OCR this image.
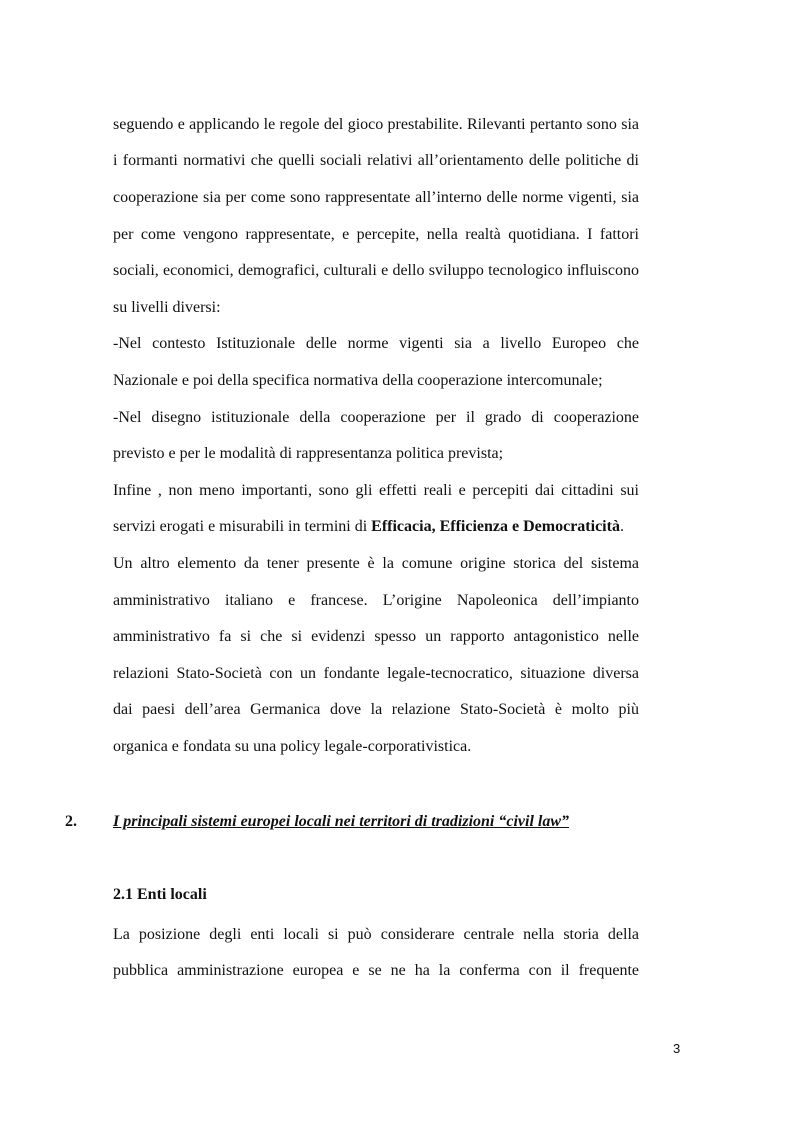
seguendo e applicando le regole del gioco prestabilite. Rilevanti pertanto sono sia
i formanti normativi che quelli sociali relativi all’orientamento delle politiche di
cooperazione sia per come sono rappresentate all’interno delle norme vigenti, sia
per come vengono rappresentate, e percepite, nella realtà quotidiana. I fattori
sociali, economici, demografici, culturali e dello sviluppo tecnologico influiscono
su livelli diversi:
-Nel contesto Istituzionale delle norme vigenti sia a livello Europeo che
Nazionale e poi della specifica normativa della cooperazione intercomunale;
-Nel disegno istituzionale della cooperazione per il grado di cooperazione
previsto e per le modalità di rappresentanza politica prevista;
Infine , non meno importanti, sono gli effetti reali e percepiti dai cittadini sui
servizi erogati e misurabili in termini di Efficacia, Efficienza e Democraticità.
Un altro elemento da tener presente è la comune origine storica del sistema
amministrativo italiano e francese. L’origine Napoleonica dell’impianto
amministrativo fa si che si evidenzi spesso un rapporto antagonistico nelle
relazioni Stato-Società con un fondante legale-tecnocratico, situazione diversa
dai paesi dell’area Germanica dove la relazione Stato-Società è molto più
organica e fondata su una policy legale-corporativistica.
2. I principali sistemi europei locali nei territori di tradizioni “civil law”
2.1 Enti locali
La posizione degli enti locali si può considerare centrale nella storia della
pubblica amministrazione europea e se ne ha la conferma con il frequente
3
